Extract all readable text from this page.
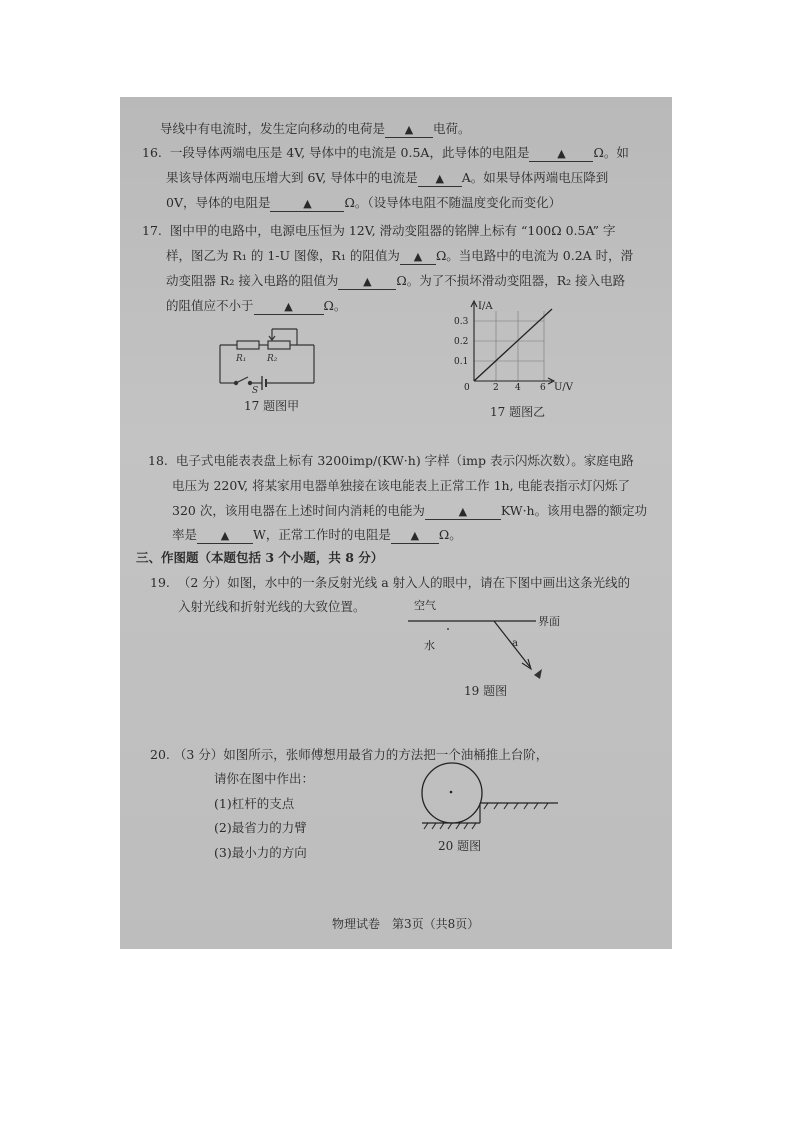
导线中有电流时，发生定向移动的电荷是 ▲ 电荷。
16. 一段导体两端电压是 4V, 导体中的电流是 0.5A，此导体的电阻是	▲ Ω。如
果该导体两端电压增大到 6V, 导体中的电流是 ▲ A。如果导体两端电压降到
0V，导体的电阻是	▲	Ω。（设导体电阻不随温度变化而变化）
17. 图中甲的电路中，电源电压恒为 12V, 滑动变阻器的铭牌上标有 “100Ω 0.5A” 字
样，图乙为 R₁ 的 1-U 图像，R₁ 的阻值为 ▲ Ω。当电路中的电流为 0.2A 时，滑
动变阻器 R₂ 接入电路的阻值为 ▲ Ω。为了不损坏滑动变阻器，R₂ 接入电路
的阻值应不小于	▲ Ω。
R₁ R₂
S
17 题图甲
I/A
U/V
0.3
0.2
0.1
0	2 4 6
17 题图乙
18. 电子式电能表表盘上标有 3200imp/(KW·h) 字样（imp 表示闪烁次数）。家庭电路
电压为 220V, 将某家用电器单独接在该电能表上正常工作 1h, 电能表指示灯闪烁了
320 次，该用电器在上述时间内消耗的电能为	▲	KW·h。该用电器的额定功
率是 ▲ W，正常工作时的电阻是 ▲ Ω。
三、作图题（本题包括 3 个小题，共 8 分）
19. （2 分）如图，水中的一条反射光线 a 射入人的眼中，请在下图中画出这条光线的
入射光线和折射光线的大致位置。	空气
界面
水	a
19 题图
20. （3 分）如图所示，张师傅想用最省力的方法把一个油桶推上台阶，
请你在图中作出：
(1)杠杆的支点
(2)最省力的力臂
(3)最小力的方向	20 题图
物理试卷　第3页（共8页）
